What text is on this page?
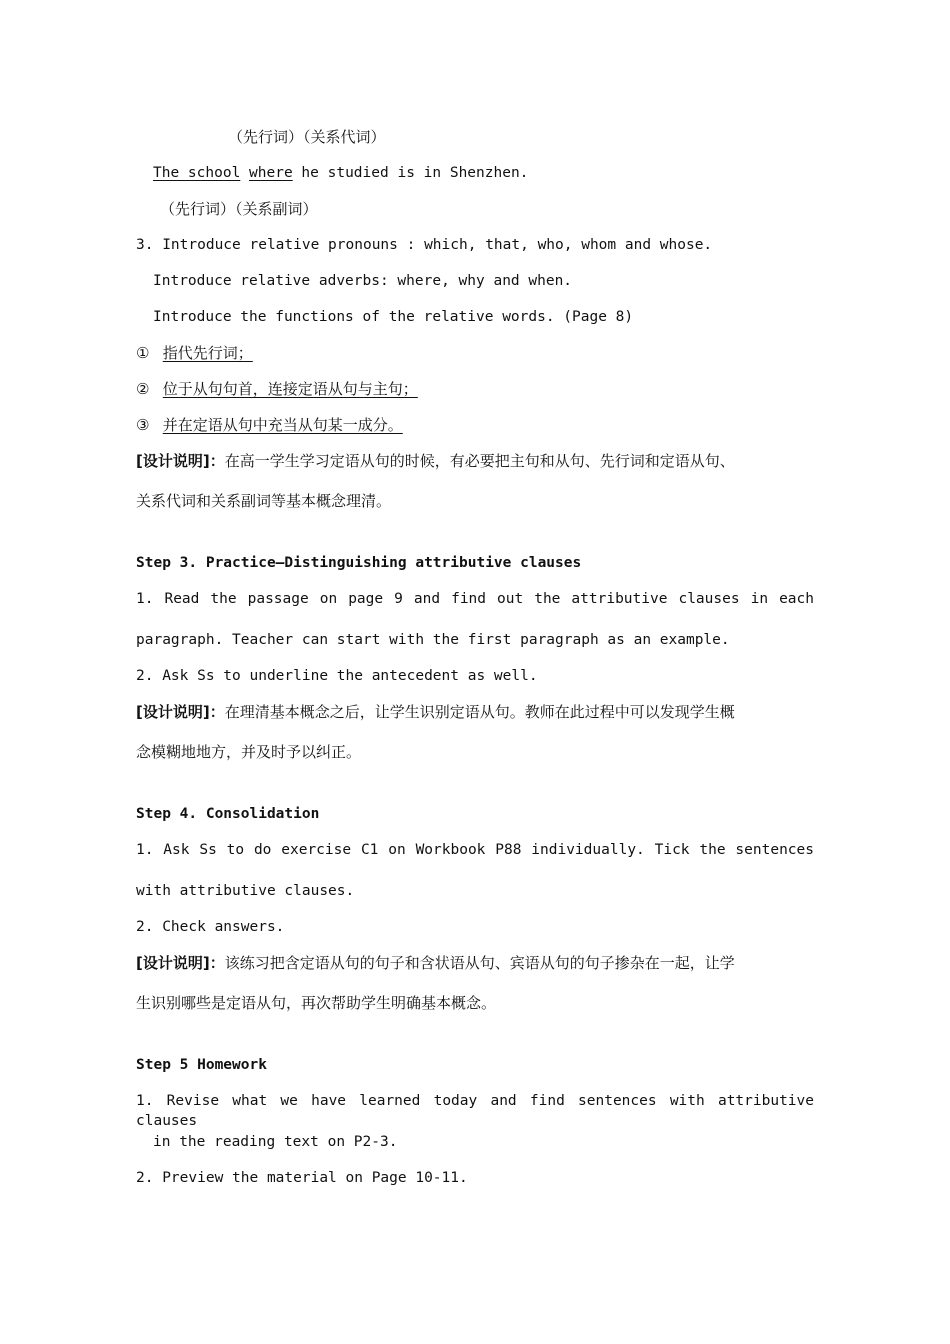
（先行词）（关系代词）
The school where he studied is in Shenzhen.
（先行词）（关系副词）
3. Introduce relative pronouns : which, that, who, whom and whose.
Introduce relative adverbs: where, why and when.
Introduce the functions of the relative words. (Page 8)
① 指代先行词；
② 位于从句句首，连接定语从句与主句；
③ 并在定语从句中充当从句某一成分。
[设计说明]：在高一学生学习定语从句的时候，有必要把主句和从句、先行词和定语从句、
关系代词和关系副词等基本概念理清。
Step 3. Practice—Distinguishing attributive clauses
1. Read the passage on page 9 and find out the attributive clauses in each
paragraph. Teacher can start with the first paragraph as an example.
2. Ask Ss to underline the antecedent as well.
[设计说明]：在理清基本概念之后，让学生识别定语从句。教师在此过程中可以发现学生概
念模糊地地方，并及时予以纠正。
Step 4. Consolidation
1. Ask Ss to do exercise C1 on Workbook P88 individually. Tick the sentences
with attributive clauses.
2. Check answers.
[设计说明]：该练习把含定语从句的句子和含状语从句、宾语从句的句子掺杂在一起，让学
生识别哪些是定语从句，再次帮助学生明确基本概念。
Step 5 Homework
1. Revise what we have learned today and find sentences with attributive clauses
in the reading text on P2-3.
2. Preview the material on Page 10-11.
